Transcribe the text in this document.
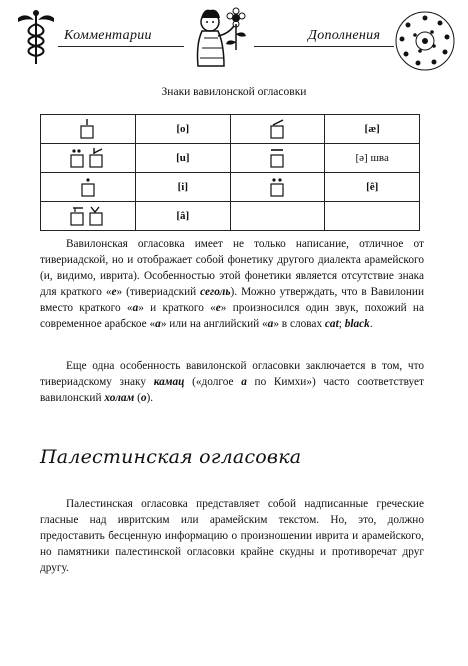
Комментарии	Дополнения
Знаки вавилонской огласовки
	[o]		[æ]
	[u]		[ə] шва
	[i]		[ê]
	[â]		

Вавилонская огласовка имеет не только написание, отличное от тивериадской, но и отображает собой фонетику другого диалекта арамейского (и, видимо, иврита). Особенностью этой фонетики является отсутствие знака для краткого «е» (тивериадский сеголь). Можно утверждать, что в Вавилонии вместо краткого «а» и краткого «е» произносился один звук, похожий на современное арабское «а» или на английский «а» в словах cat; black.

Еще одна особенность вавилонской огласовки заключается в том, что тивериадскому знаку камац («долгое а по Кимхи») часто соответствует вавилонский холам (о).

Палестинская огласовка

Палестинская огласовка представляет собой надписанные греческие гласные над ивритским или арамейским текстом. Но, это, должно предоставить бесценную информацию о произношении иврита и арамейского, но памятники палестинской огласовки крайне скудны и противоречат друг другу.
